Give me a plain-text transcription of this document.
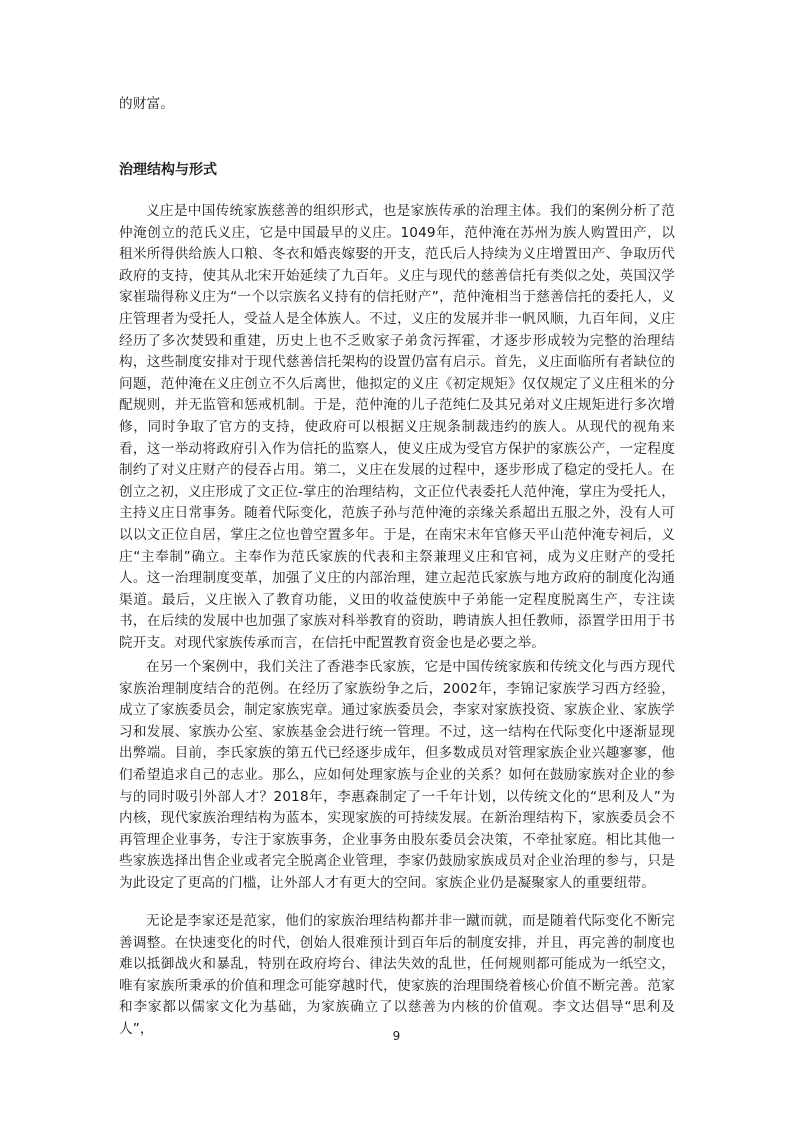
的财富。
治理结构与形式
义庄是中国传统家族慈善的组织形式，也是家族传承的治理主体。我们的案例分析了范仲淹创立的范氏义庄，它是中国最早的义庄。1049年，范仲淹在苏州为族人购置田产，以租米所得供给族人口粮、冬衣和婚丧嫁娶的开支，范氏后人持续为义庄增置田产、争取历代政府的支持，使其从北宋开始延续了九百年。义庄与现代的慈善信托有类似之处，英国汉学家崔瑞得称义庄为“一个以宗族名义持有的信托财产”，范仲淹相当于慈善信托的委托人，义庄管理者为受托人，受益人是全体族人。不过，义庄的发展并非一帆风顺，九百年间，义庄经历了多次焚毁和重建，历史上也不乏败家子弟贪污挥霍，才逐步形成较为完整的治理结构，这些制度安排对于现代慈善信托架构的设置仍富有启示。首先，义庄面临所有者缺位的问题，范仲淹在义庄创立不久后离世，他拟定的义庄《初定规矩》仅仅规定了义庄租米的分配规则，并无监管和惩戒机制。于是，范仲淹的儿子范纯仁及其兄弟对义庄规矩进行多次增修，同时争取了官方的支持，使政府可以根据义庄规条制裁违约的族人。从现代的视角来看，这一举动将政府引入作为信托的监察人，使义庄成为受官方保护的家族公产，一定程度制约了对义庄财产的侵吞占用。第二，义庄在发展的过程中，逐步形成了稳定的受托人。在创立之初，义庄形成了文正位-掌庄的治理结构，文正位代表委托人范仲淹，掌庄为受托人，主持义庄日常事务。随着代际变化，范族子孙与范仲淹的亲缘关系超出五服之外，没有人可以以文正位自居，掌庄之位也曾空置多年。于是，在南宋末年官修天平山范仲淹专祠后，义庄“主奉制”确立。主奉作为范氏家族的代表和主祭兼理义庄和官祠，成为义庄财产的受托人。这一治理制度变革，加强了义庄的内部治理，建立起范氏家族与地方政府的制度化沟通渠道。最后，义庄嵌入了教育功能，义田的收益使族中子弟能一定程度脱离生产，专注读书，在后续的发展中也加强了家族对科举教育的资助，聘请族人担任教师，添置学田用于书院开支。对现代家族传承而言，在信托中配置教育资金也是必要之举。
在另一个案例中，我们关注了香港李氏家族，它是中国传统家族和传统文化与西方现代家族治理制度结合的范例。在经历了家族纷争之后，2002年，李锦记家族学习西方经验，成立了家族委员会，制定家族宪章。通过家族委员会，李家对家族投资、家族企业、家族学习和发展、家族办公室、家族基金会进行统一管理。不过，这一结构在代际变化中逐渐显现出弊端。目前，李氏家族的第五代已经逐步成年，但多数成员对管理家族企业兴趣寥寥，他们希望追求自己的志业。那么，应如何处理家族与企业的关系？如何在鼓励家族对企业的参与的同时吸引外部人才？2018年，李惠森制定了一千年计划，以传统文化的“思利及人”为内核，现代家族治理结构为蓝本，实现家族的可持续发展。在新治理结构下，家族委员会不再管理企业事务，专注于家族事务，企业事务由股东委员会决策，不牵扯家庭。相比其他一些家族选择出售企业或者完全脱离企业管理，李家仍鼓励家族成员对企业治理的参与，只是为此设定了更高的门槛，让外部人才有更大的空间。家族企业仍是凝聚家人的重要纽带。
无论是李家还是范家，他们的家族治理结构都并非一蹴而就，而是随着代际变化不断完善调整。在快速变化的时代，创始人很难预计到百年后的制度安排，并且，再完善的制度也难以抵御战火和暴乱，特别在政府垮台、律法失效的乱世，任何规则都可能成为一纸空文，唯有家族所秉承的价值和理念可能穿越时代，使家族的治理围绕着核心价值不断完善。范家和李家都以儒家文化为基础，为家族确立了以慈善为内核的价值观。李文达倡导“思利及人”，	9
